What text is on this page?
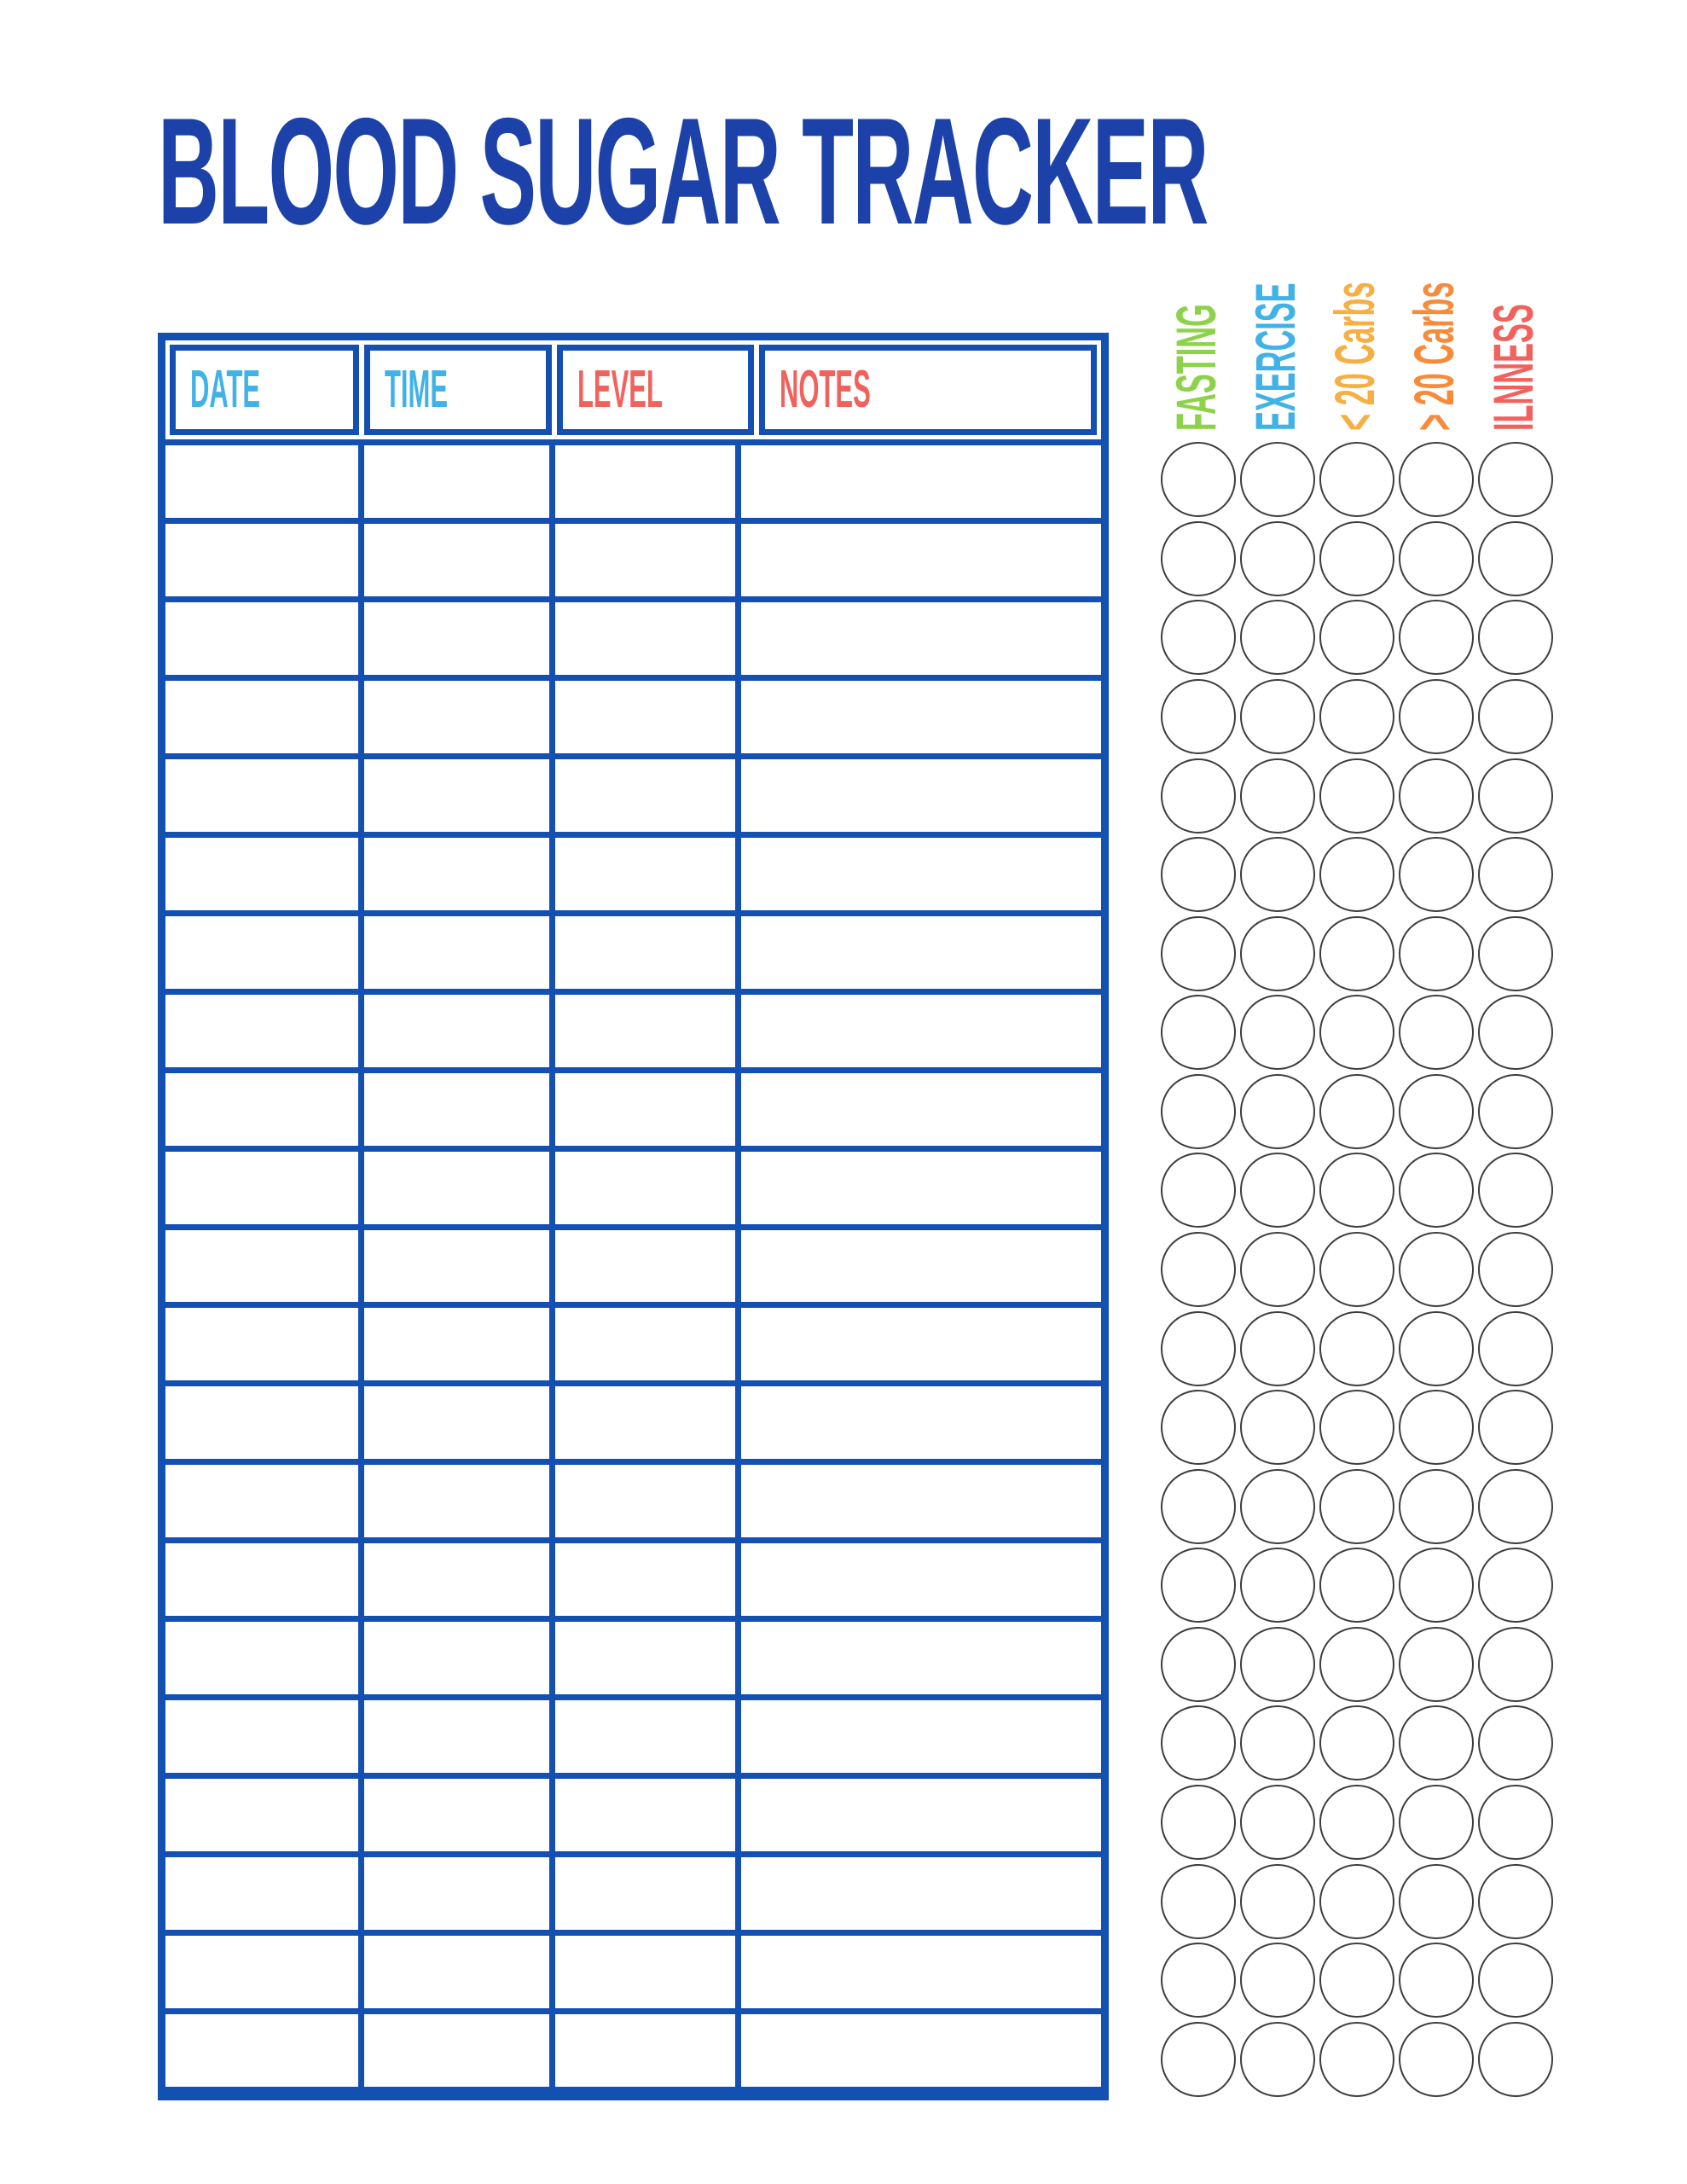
BLOOD SUGAR TRACKER
DATE TIME LEVEL NOTES	FASTING EXERCISE < 20 Carbs > 20 Carbs ILNNESS
